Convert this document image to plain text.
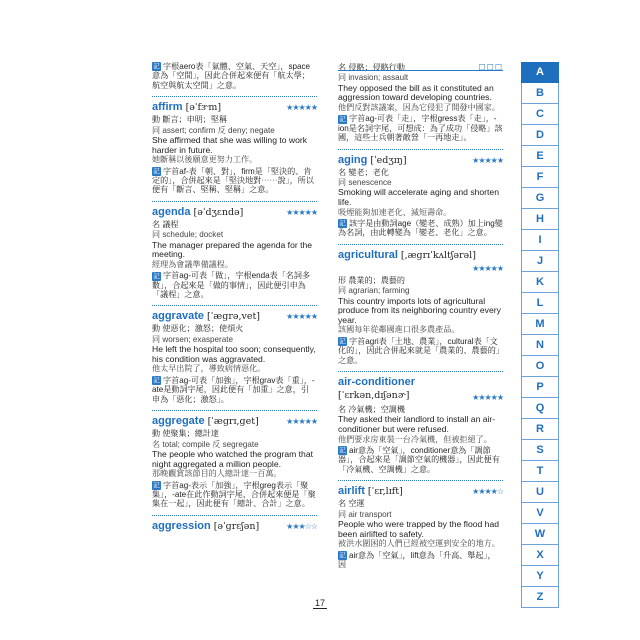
記 字根aero表「氣體、空氣、天空」，space意為「空間」，因此合併起來便有「航太學；航空與航太空間」之意。
affirm [əˈfɝm]	★★★★★
動 斷言；申明；堅稱
同 assert; confirm 反 deny; negate
She affirmed that she was willing to work harder in future.
她斷稱以後願意更努力工作。
記 字首af-表「朝、對」，firm是「堅決的、肯定的」，合併起來是「堅決地對⋯⋯說」，所以便有「斷言、堅稱、堅稱」之意。
agenda [əˈdʒɛndə]	★★★★★
名 議程
同 schedule; docket
The manager prepared the agenda for the meeting.
經理為會議準備議程。
記 字首ag-可表「做」，字根enda表「名詞多數」，合起來是「做的事情」，因此便引申為「議程」之意。
aggravate [ˈægrə,vet]	★★★★★
動 使惡化；激怒；使煩火
同 worsen; exasperate
He left the hospital too soon; consequently, his condition was aggravated.
他太早出院了，導致病情惡化。
記 字首ag-可表「加強」，字根grav表「重」，-ate是動詞字尾，因此便有「加重」之意，引申為「惡化；激怒」。
aggregate [ˈægrɪ,get]	★★★★★
動 使聚集；總計達
名 total; compile 反 segregate
The people who watched the program that night aggregated a million people.
那晚觀賞該節目的人總計達一百萬。
記 字首ag-表示「加強」，字根greg表示「聚集」，-ate在此作動詞字尾，合併起來便是「聚集在一起」，因此便有「總計、合計」之意。
aggression [əˈgrɛʃən]	★★★☆☆
名 侵略；侵略行動	☐☐☐
同 invasion; assault
They opposed the bill as it constituted an aggression toward developing countries.
他們反對該議案，因為它侵犯了開發中國家。
記 字首ag-可表「走」，字根gress表「走」，-ion是名詞字尾，可想成：為了成功「侵略」該國，這些士兵朝著敵營「一再地走」。
aging [ˈedʒɪŋ]	★★★★★
名 變老；老化
同 senescence
Smoking will accelerate aging and shorten life.
吸煙能夠加速老化、減短壽命。
記 該字是由動詞age（變老、成熟）加上ing變為名詞，由此轉變為「變老、老化」之意。
agricultural [,ægrɪˈkʌltʃərəl]
★★★★★
形 農業的；農藝的
同 agrarian; farming
This country imports lots of agricultural produce from its neighboring country every year.
該國每年從鄰國進口很多農產品。
記 字首agri表「土地、農業」，cultural表「文化的」，因此合併起來就是「農業的、農藝的」之意。
air-conditioner
[ˈɛrkən,dɪʃənɚ]	★★★★★
名 冷氣機；空調機
They asked their landlord to install an air-conditioner but were refused.
他們要求房東裝一台冷氣機，但被拒絕了。
記 air意為「空氣」，conditioner意為「調節器」，合起來是「調節空氣的機器」，因此便有「冷氣機、空調機」之意。
airlift [ˈɛr,lɪft]	★★★★☆
名 空運
同 air transport
People who were trapped by the flood had been airlifted to safety.
被洪水圍困的人們已經被空運到安全的地方。
記 air意為「空氣」，lift意為「升高、舉起」，因
A
B
C
D
E
F
G
H
I
J
K
L
M
N
O
P
Q
R
S
T
U
V
W
X
Y
Z
17
